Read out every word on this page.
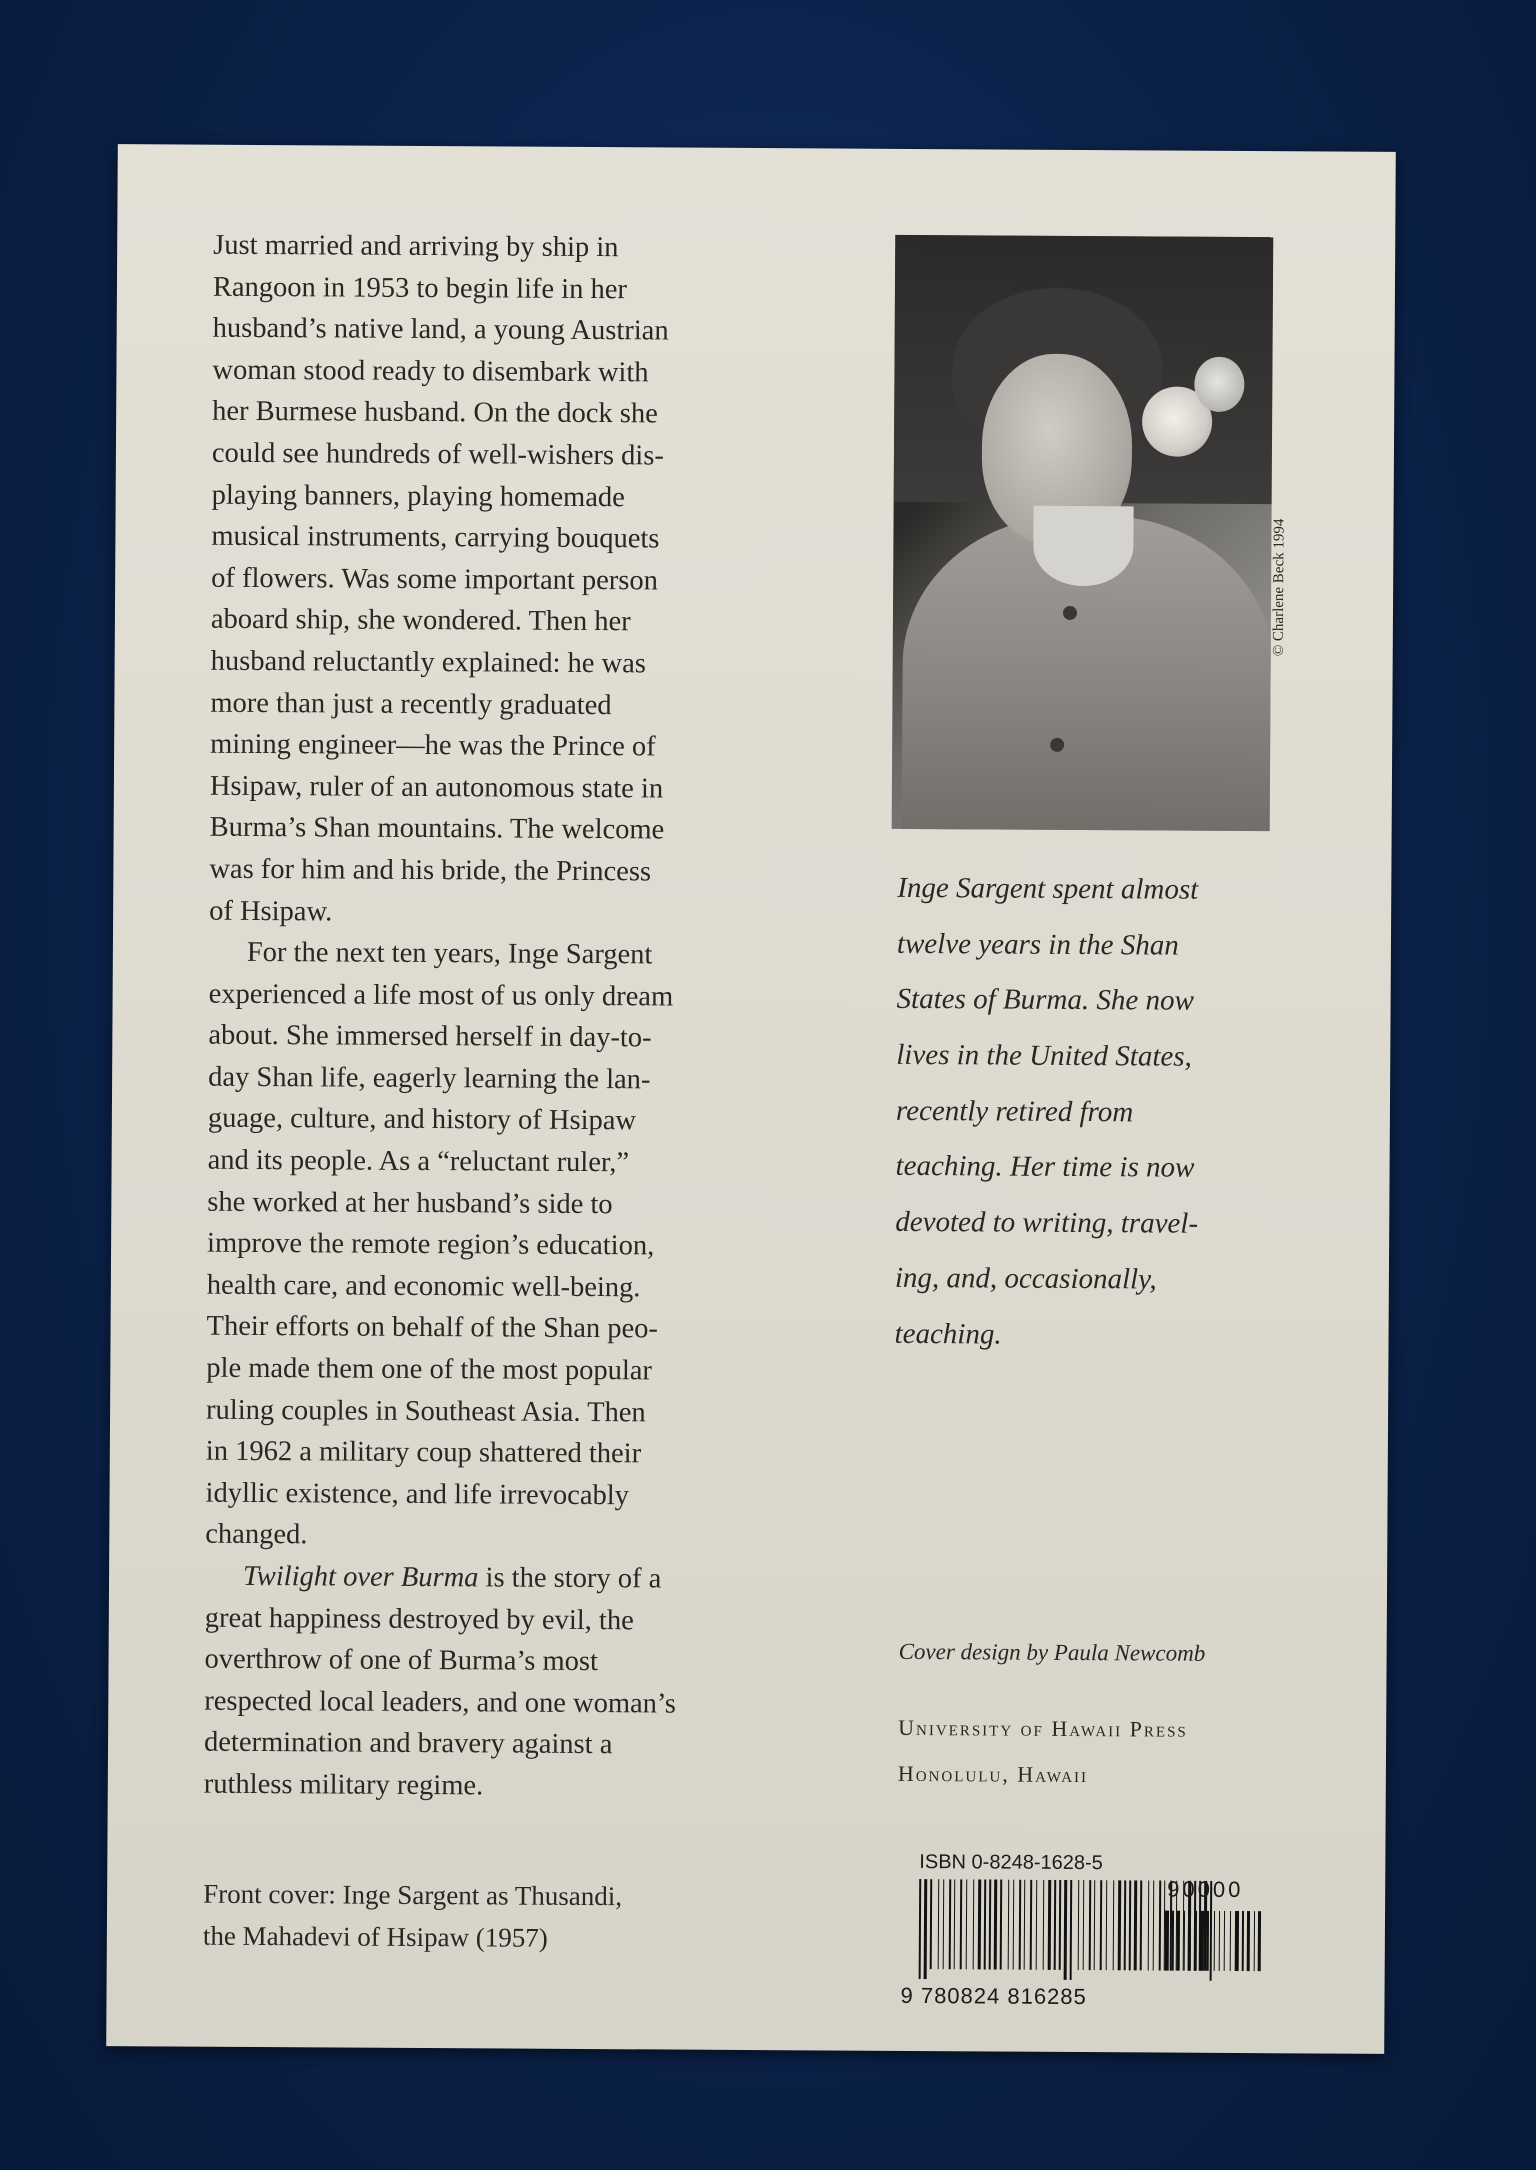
Just married and arriving by ship in
Rangoon in 1953 to begin life in her
husband’s native land, a young Austrian
woman stood ready to disembark with
her Burmese husband. On the dock she
could see hundreds of well-wishers dis-
playing banners, playing homemade
musical instruments, carrying bouquets
of flowers. Was some important person
aboard ship, she wondered. Then her
husband reluctantly explained: he was
more than just a recently graduated
mining engineer—he was the Prince of
Hsipaw, ruler of an autonomous state in
Burma’s Shan mountains. The welcome
was for him and his bride, the Princess
of Hsipaw.
For the next ten years, Inge Sargent
experienced a life most of us only dream
about. She immersed herself in day-to-
day Shan life, eagerly learning the lan-
guage, culture, and history of Hsipaw
and its people. As a “reluctant ruler,”
she worked at her husband’s side to
improve the remote region’s education,
health care, and economic well-being.
Their efforts on behalf of the Shan peo-
ple made them one of the most popular
ruling couples in Southeast Asia. Then
in 1962 a military coup shattered their
idyllic existence, and life irrevocably
changed.
Twilight over Burma is the story of a
great happiness destroyed by evil, the
overthrow of one of Burma’s most
respected local leaders, and one woman’s
determination and bravery against a
ruthless military regime.
Front cover: Inge Sargent as Thusandi,
the Mahadevi of Hsipaw (1957)
© Charlene Beck 1994
Inge Sargent spent almost
twelve years in the Shan
States of Burma. She now
lives in the United States,
recently retired from
teaching. Her time is now
devoted to writing, travel-
ing, and, occasionally,
teaching.
Cover design by Paula Newcomb
University of Hawaii Press
Honolulu, Hawaii
ISBN 0-8248-1628-5
9 780824 816285
90000
